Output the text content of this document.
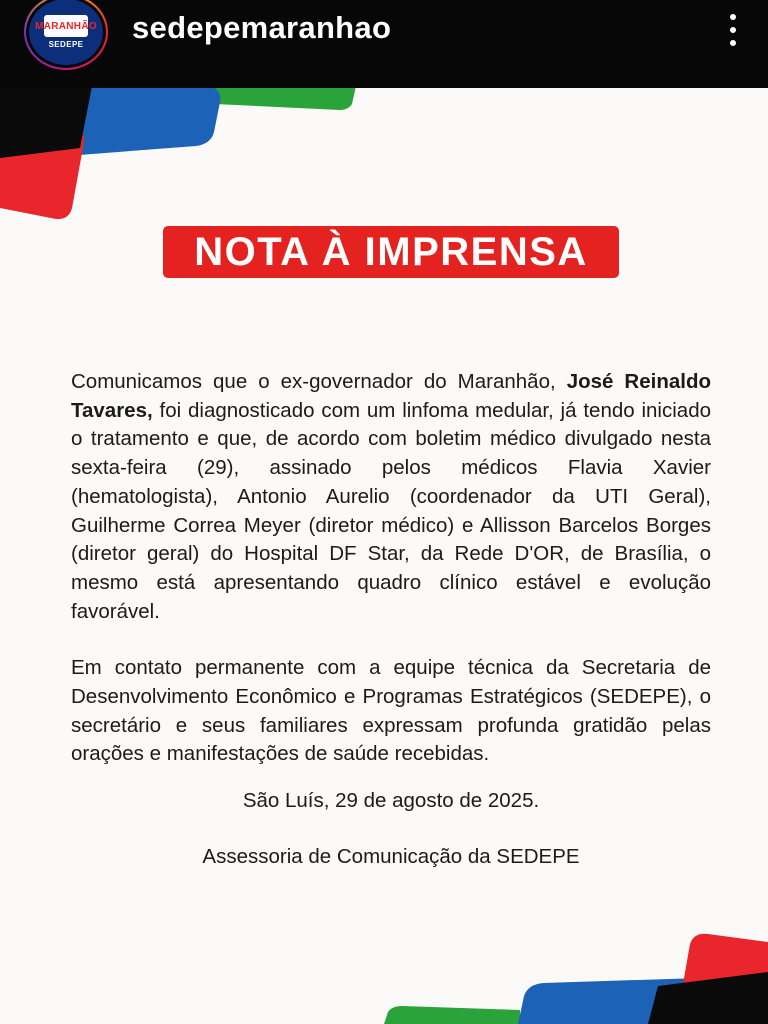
MARANHÃO
SEDEPE sedepemaranhao
NOTA À IMPRENSA

Comunicamos que o ex-governador do Maranhão, José Reinaldo Tavares, foi diagnosticado com um linfoma medular, já tendo iniciado o tratamento e que, de acordo com boletim médico divulgado nesta sexta-feira (29), assinado pelos médicos Flavia Xavier (hematologista), Antonio Aurelio (coordenador da UTI Geral), Guilherme Correa Meyer (diretor médico) e Allisson Barcelos Borges (diretor geral) do Hospital DF Star, da Rede D'OR, de Brasília, o mesmo está apresentando quadro clínico estável e evolução favorável.

Em contato permanente com a equipe técnica da Secretaria de Desenvolvimento Econômico e Programas Estratégicos (SEDEPE), o secretário e seus familiares expressam profunda gratidão pelas orações e manifestações de saúde recebidas.

São Luís, 29 de agosto de 2025.
Assessoria de Comunicação da SEDEPE
